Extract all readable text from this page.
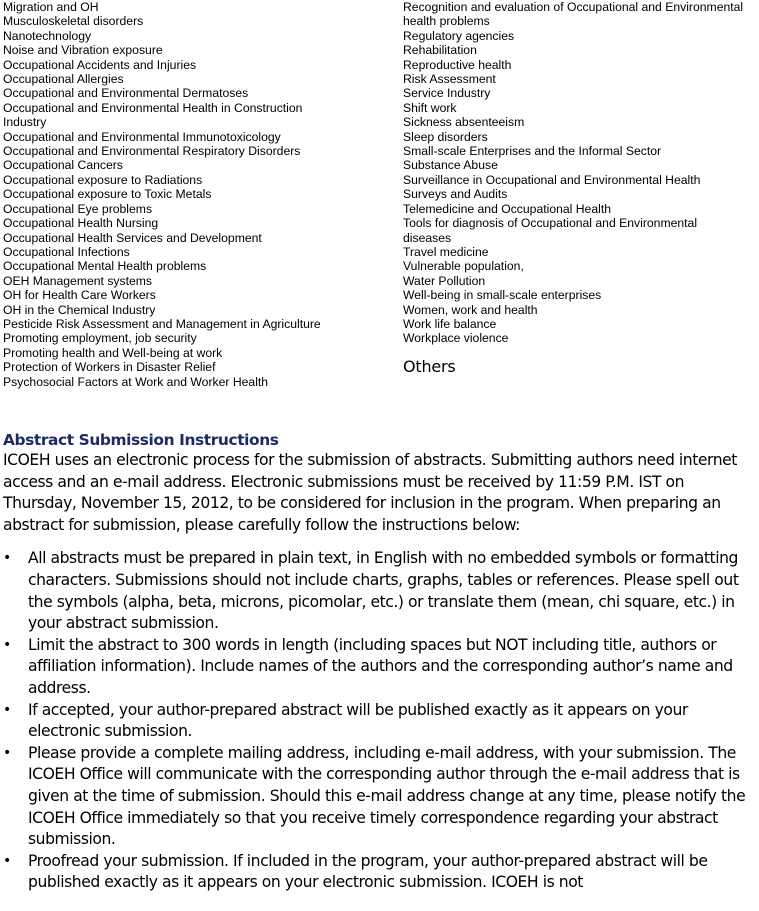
Migration and OH
Musculoskeletal disorders
Nanotechnology
Noise and Vibration exposure
Occupational Accidents and Injuries
Occupational Allergies
Occupational and Environmental Dermatoses
Occupational and Environmental Health in Construction Industry
Occupational and Environmental Immunotoxicology
Occupational and Environmental Respiratory Disorders
Occupational Cancers
Occupational exposure to Radiations
Occupational exposure to Toxic Metals
Occupational Eye problems
Occupational Health Nursing
Occupational Health Services and Development
Occupational Infections
Occupational Mental Health problems
OEH Management systems
OH for Health Care Workers
OH in the Chemical Industry
Pesticide Risk Assessment and Management in Agriculture
Promoting employment, job security
Promoting health and Well-being at work
Protection of Workers in Disaster Relief
Psychosocial Factors at Work and Worker Health
Recognition and evaluation of Occupational and Environmental health problems
Regulatory agencies
Rehabilitation
Reproductive health
Risk Assessment
Service Industry
Shift work
Sickness absenteeism
Sleep disorders
Small-scale Enterprises and the Informal Sector
Substance Abuse
Surveillance in Occupational and Environmental Health
Surveys and Audits
Telemedicine and Occupational Health
Tools for diagnosis of Occupational and Environmental diseases
Travel medicine
Vulnerable population,
Water Pollution
Well-being in small-scale enterprises
Women, work and health
Work life balance
Workplace violence
Others
Abstract Submission Instructions

ICOEH uses an electronic process for the submission of abstracts. Submitting authors need internet access and an e-mail address. Electronic submissions must be received by 11:59 P.M. IST on Thursday, November 15, 2012, to be considered for inclusion in the program. When preparing an abstract for submission, please carefully follow the instructions below:

• All abstracts must be prepared in plain text, in English with no embedded symbols or formatting characters. Submissions should not include charts, graphs, tables or references. Please spell out the symbols (alpha, beta, microns, picomolar, etc.) or translate them (mean, chi square, etc.) in your abstract submission.
• Limit the abstract to 300 words in length (including spaces but NOT including title, authors or affiliation information). Include names of the authors and the corresponding author’s name and address.
• If accepted, your author-prepared abstract will be published exactly as it appears on your electronic submission.
• Please provide a complete mailing address, including e-mail address, with your submission. The ICOEH Office will communicate with the corresponding author through the e-mail address that is given at the time of submission. Should this e-mail address change at any time, please notify the ICOEH Office immediately so that you receive timely correspondence regarding your abstract submission.
• Proofread your submission. If included in the program, your author-prepared abstract will be published exactly as it appears on your electronic submission. ICOEH is not
